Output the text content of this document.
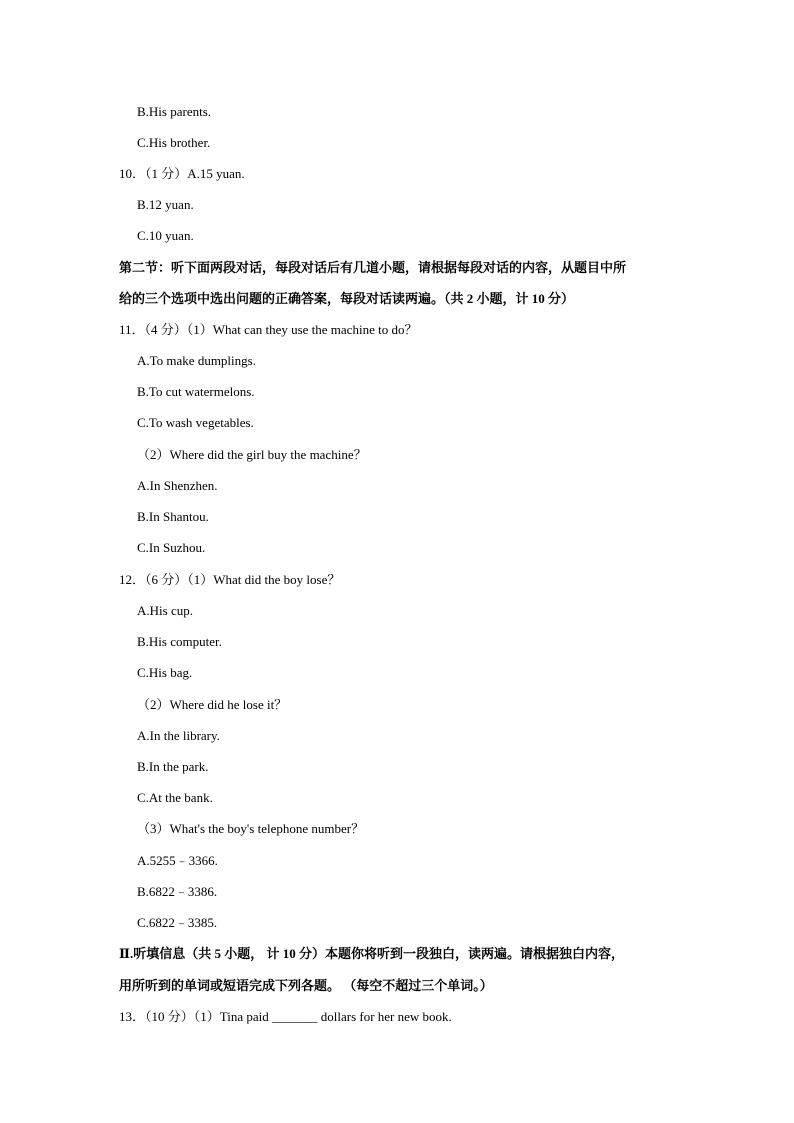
B.His parents.
C.His brother.
10．（1 分）A.15 yuan.
B.12 yuan.
C.10 yuan.
第二节：听下面两段对话，每段对话后有几道小题，请根据每段对话的内容，从题目中所
给的三个选项中选出问题的正确答案，每段对话读两遍。（共 2 小题，计 10 分）
11．（4 分）（1）What can they use the machine to do？
A.To make dumplings.
B.To cut watermelons.
C.To wash vegetables.
（2）Where did the girl buy the machine？
A.In Shenzhen.
B.In Shantou.
C.In Suzhou.
12．（6 分）（1）What did the boy lose？
A.His cup.
B.His computer.
C.His bag.
（2）Where did he lose it？
A.In the library.
B.In the park.
C.At the bank.
（3）What's the boy's telephone number？
A.5255﹣3366.
B.6822﹣3386.
C.6822﹣3385.
Ⅱ.听填信息（共 5 小题， 计 10 分）本题你将听到一段独白，读两遍。请根据独白内容，
用所听到的单词或短语完成下列各题。 （每空不超过三个单词。）
13．（10 分）（1）Tina paid _______ dollars for her new book.
